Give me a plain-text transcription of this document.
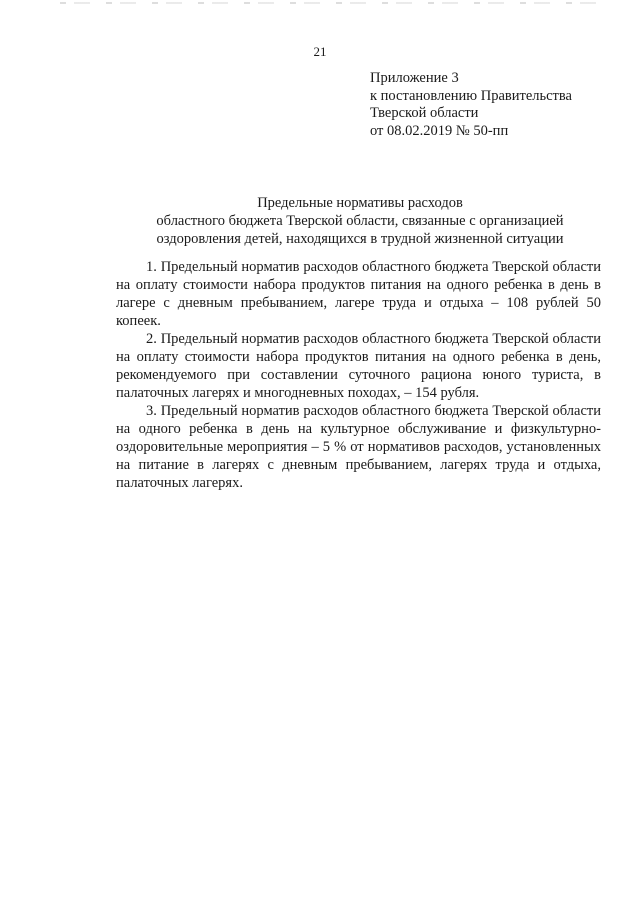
21
Приложение 3
к постановлению Правительства
Тверской области
от 08.02.2019 № 50-пп
Предельные нормативы расходов
областного бюджета Тверской области, связанные с организацией
оздоровления детей, находящихся в трудной жизненной ситуации

1. Предельный норматив расходов областного бюджета Тверской области на оплату стоимости набора продуктов питания на одного ребенка в день в лагере с дневным пребыванием, лагере труда и отдыха – 108 рублей 50 копеек.

2. Предельный норматив расходов областного бюджета Тверской области на оплату стоимости набора продуктов питания на одного ребенка в день, рекомендуемого при составлении суточного рациона юного туриста, в палаточных лагерях и многодневных походах, – 154 рубля.

3. Предельный норматив расходов областного бюджета Тверской области на одного ребенка в день на культурное обслуживание и физкультурно-оздоровительные мероприятия – 5 % от нормативов расходов, установленных на питание в лагерях с дневным пребыванием, лагерях труда и отдыха, палаточных лагерях.
